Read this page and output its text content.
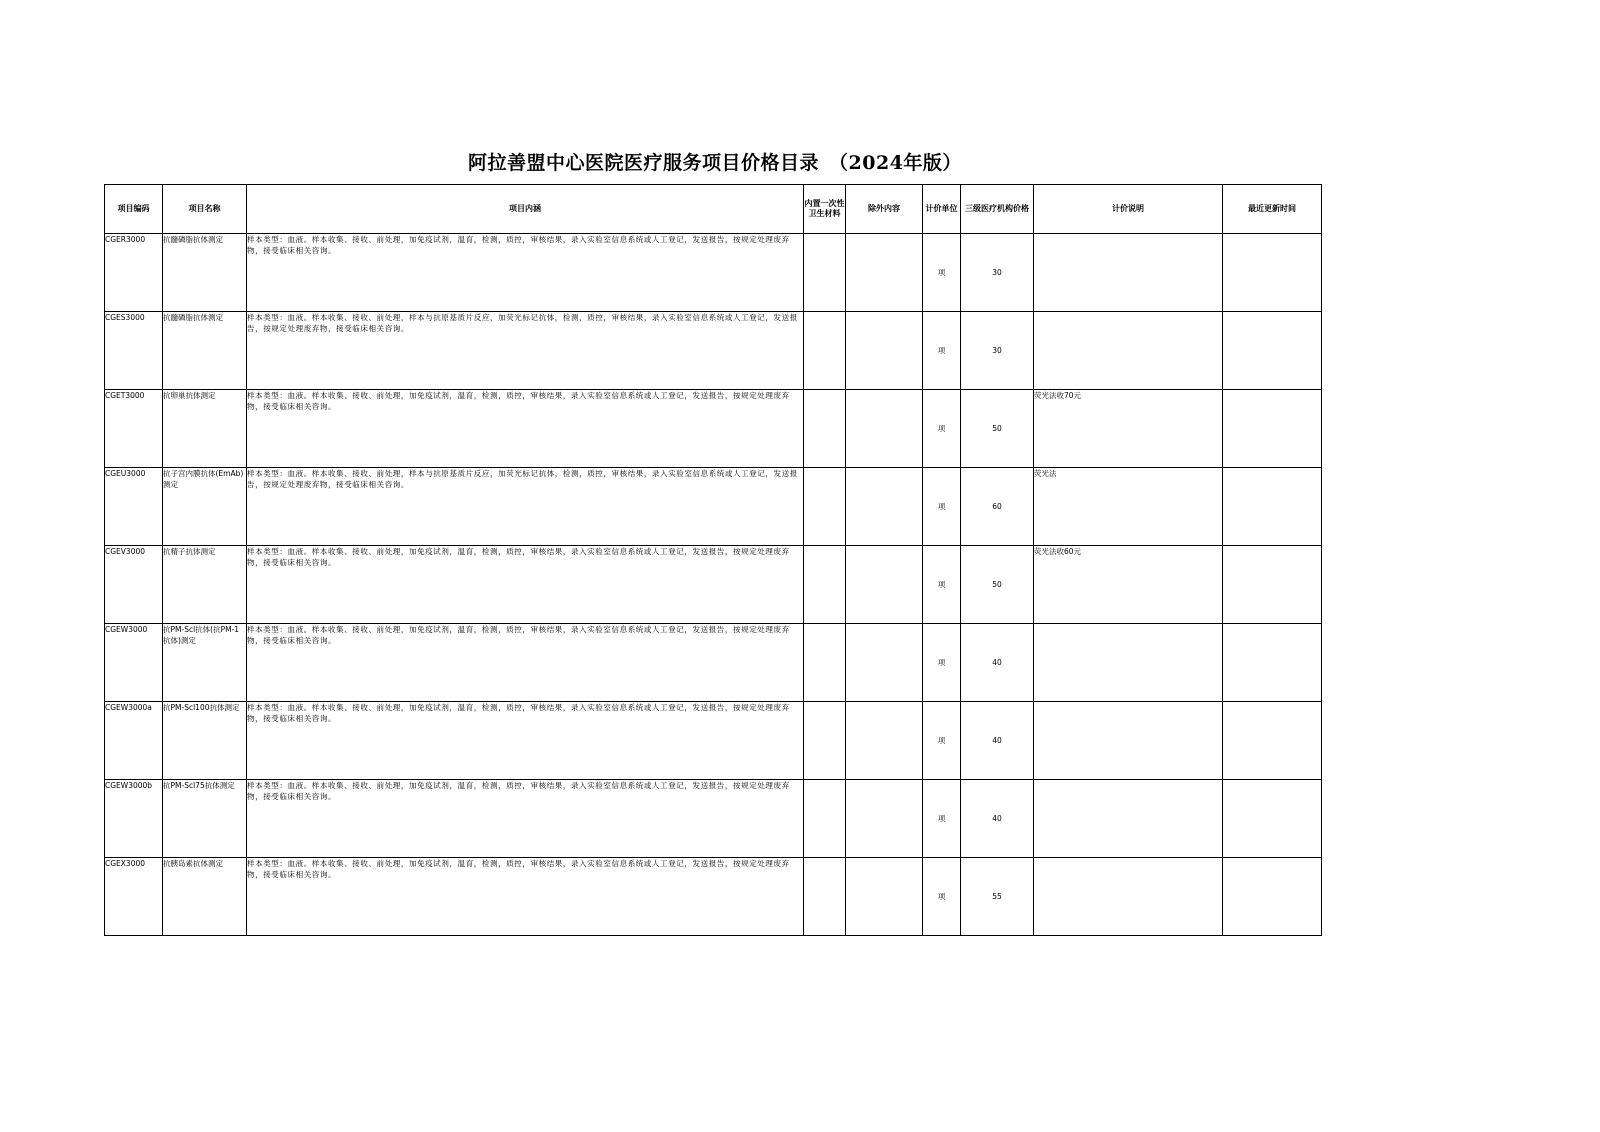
阿拉善盟中心医院医疗服务项目价格目录　（2024年版）
项目编码	项目名称	项目内涵	内置一次性卫生材料	除外内容	计价单位	三级医疗机构价格	计价说明	最近更新时间
CGER3000	抗髓磷脂抗体测定	样本类型：血液。样本收集、接收、前处理，加免疫试剂，温育，检测，质控，审核结果，录入实验室信息系统或人工登记，发送报告，按规定处理废弃物，接受临床相关咨询。			项	30		
CGES3000	抗髓磷脂抗体测定	样本类型：血液。样本收集、接收、前处理，样本与抗原基质片反应，加荧光标记抗体，检测，质控，审核结果，录入实验室信息系统或人工登记，发送报告，按规定处理废弃物，接受临床相关咨询。			项	30		
CGET3000	抗卵巢抗体测定	样本类型：血液。样本收集、接收、前处理，加免疫试剂，温育，检测，质控，审核结果，录入实验室信息系统或人工登记，发送报告，按规定处理废弃物，接受临床相关咨询。			项	50	荧光法收70元	
CGEU3000	抗子宫内膜抗体(EmAb)测定	样本类型：血液。样本收集、接收、前处理，样本与抗原基质片反应，加荧光标记抗体，检测，质控，审核结果，录入实验室信息系统或人工登记，发送报告，按规定处理废弃物，接受临床相关咨询。			项	60	荧光法	
CGEV3000	抗精子抗体测定	样本类型：血液。样本收集、接收、前处理，加免疫试剂，温育，检测，质控，审核结果，录入实验室信息系统或人工登记，发送报告，按规定处理废弃物，接受临床相关咨询。			项	50	荧光法收60元	
CGEW3000	抗PM-Scl抗体(抗PM-1抗体)测定	样本类型：血液。样本收集、接收、前处理，加免疫试剂，温育，检测，质控，审核结果，录入实验室信息系统或人工登记，发送报告，按规定处理废弃物，接受临床相关咨询。			项	40		
CGEW3000a	抗PM-Scl100抗体测定	样本类型：血液。样本收集、接收、前处理，加免疫试剂，温育，检测，质控，审核结果，录入实验室信息系统或人工登记，发送报告，按规定处理废弃物，接受临床相关咨询。			项	40		
CGEW3000b	抗PM-Scl75抗体测定	样本类型：血液。样本收集、接收、前处理，加免疫试剂，温育，检测，质控，审核结果，录入实验室信息系统或人工登记，发送报告，按规定处理废弃物，接受临床相关咨询。			项	40		
CGEX3000	抗胰岛素抗体测定	样本类型：血液。样本收集、接收、前处理，加免疫试剂，温育，检测，质控，审核结果，录入实验室信息系统或人工登记，发送报告，按规定处理废弃物，接受临床相关咨询。			项	55		
